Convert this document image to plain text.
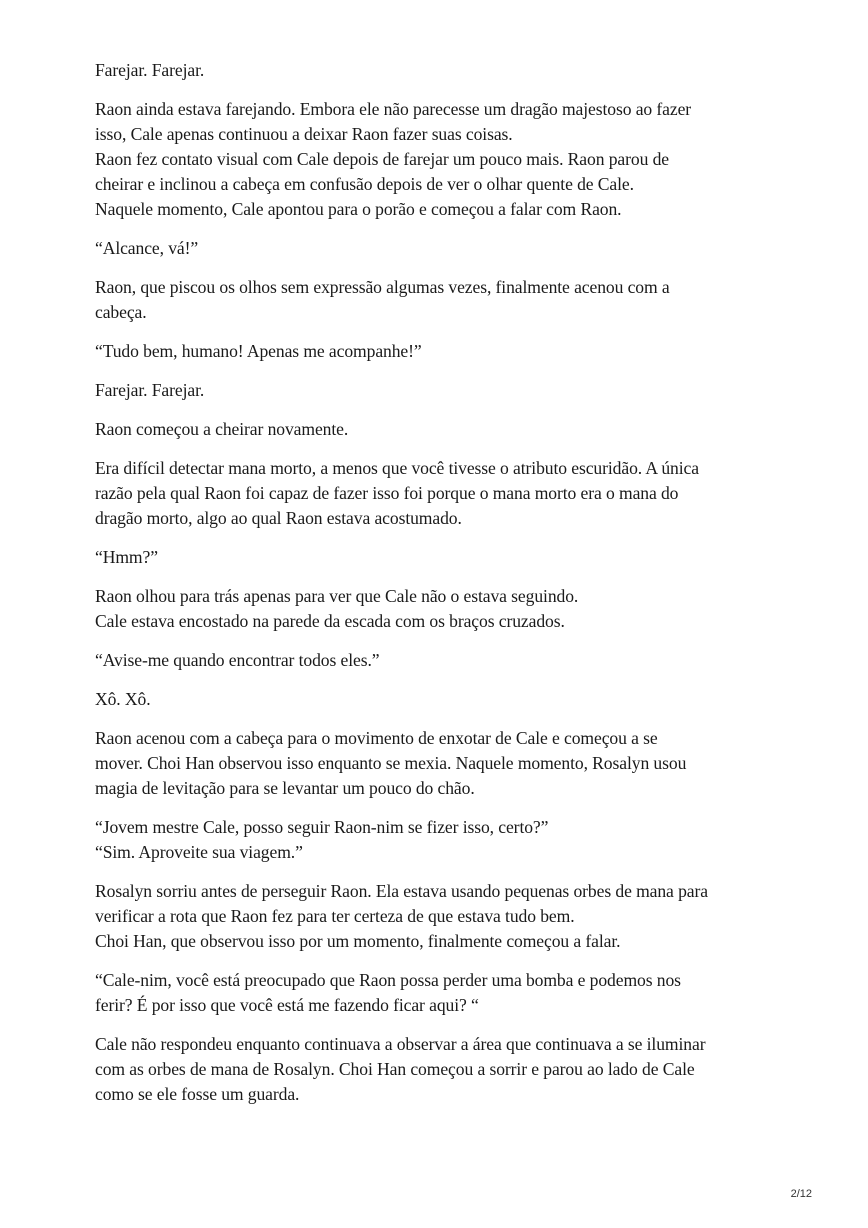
Farejar. Farejar.

Raon ainda estava farejando. Embora ele não parecesse um dragão majestoso ao fazer
isso, Cale apenas continuou a deixar Raon fazer suas coisas.
Raon fez contato visual com Cale depois de farejar um pouco mais. Raon parou de
cheirar e inclinou a cabeça em confusão depois de ver o olhar quente de Cale.
Naquele momento, Cale apontou para o porão e começou a falar com Raon.

“Alcance, vá!”

Raon, que piscou os olhos sem expressão algumas vezes, finalmente acenou com a
cabeça.

“Tudo bem, humano! Apenas me acompanhe!”

Farejar. Farejar.

Raon começou a cheirar novamente.

Era difícil detectar mana morto, a menos que você tivesse o atributo escuridão. A única
razão pela qual Raon foi capaz de fazer isso foi porque o mana morto era o mana do
dragão morto, algo ao qual Raon estava acostumado.

“Hmm?”

Raon olhou para trás apenas para ver que Cale não o estava seguindo.
Cale estava encostado na parede da escada com os braços cruzados.

“Avise-me quando encontrar todos eles.”

Xô. Xô.

Raon acenou com a cabeça para o movimento de enxotar de Cale e começou a se
mover. Choi Han observou isso enquanto se mexia. Naquele momento, Rosalyn usou
magia de levitação para se levantar um pouco do chão.

“Jovem mestre Cale, posso seguir Raon-nim se fizer isso, certo?”
“Sim. Aproveite sua viagem.”

Rosalyn sorriu antes de perseguir Raon. Ela estava usando pequenas orbes de mana para
verificar a rota que Raon fez para ter certeza de que estava tudo bem.
Choi Han, que observou isso por um momento, finalmente começou a falar.

“Cale-nim, você está preocupado que Raon possa perder uma bomba e podemos nos
ferir? É por isso que você está me fazendo ficar aqui? “

Cale não respondeu enquanto continuava a observar a área que continuava a se iluminar
com as orbes de mana de Rosalyn. Choi Han começou a sorrir e parou ao lado de Cale
como se ele fosse um guarda.

2/12
